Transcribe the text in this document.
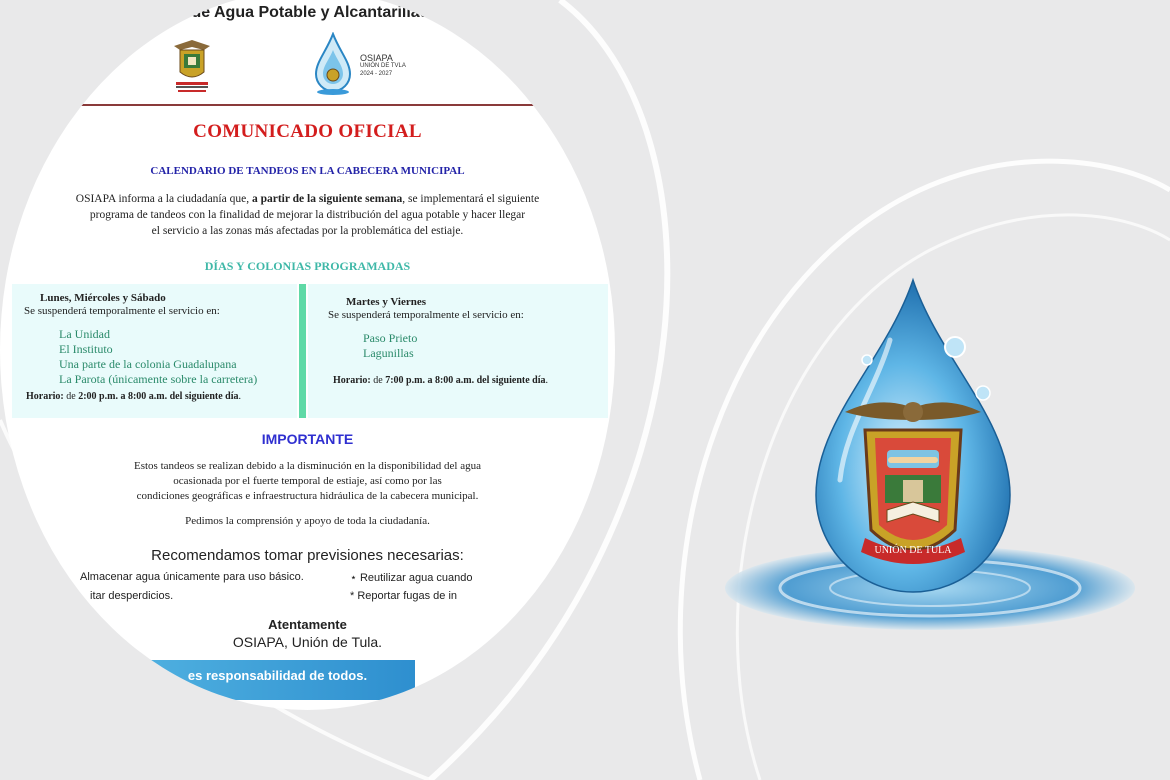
el Sistema de Agua Potable y Alcantarillado de Unión
OSIAPA
UNIÓN DE TVLA
2024 - 2027
COMUNICADO OFICIAL
CALENDARIO DE TANDEOS EN LA CABECERA MUNICIPAL
OSIAPA informa a la ciudadanía que, a partir de la siguiente semana, se implementará el siguiente
programa de tandeos con la finalidad de mejorar la distribución del agua potable y hacer llegar
el servicio a las zonas más afectadas por la problemática del estiaje.
DÍAS Y COLONIAS PROGRAMADAS
Lunes, Miércoles y Sábado
Se suspenderá temporalmente el servicio en:
La Unidad
El Instituto
Una parte de la colonia Guadalupana
La Parota (únicamente sobre la carretera)
Horario: de 2:00 p.m. a 8:00 a.m. del siguiente día.
Martes y Viernes
Se suspenderá temporalmente el servicio en:
Paso Prieto
Lagunillas
Horario: de 7:00 p.m. a 8:00 a.m. del siguiente día.
IMPORTANTE
Estos tandeos se realizan debido a la disminución en la disponibilidad del agua
ocasionada por el fuerte temporal de estiaje, así como por las
condiciones geográficas e infraestructura hidráulica de la cabecera municipal.
Pedimos la comprensión y apoyo de toda la ciudadanía.
Recomendamos tomar previsiones necesarias:
Almacenar agua únicamente para uso básico.
itar desperdicios.
⋆ Reutilizar agua cuando
* Reportar fugas de in
Atentamente
OSIAPA, Unión de Tula.
es responsabilidad de todos.
UNIÓN DE TULA
